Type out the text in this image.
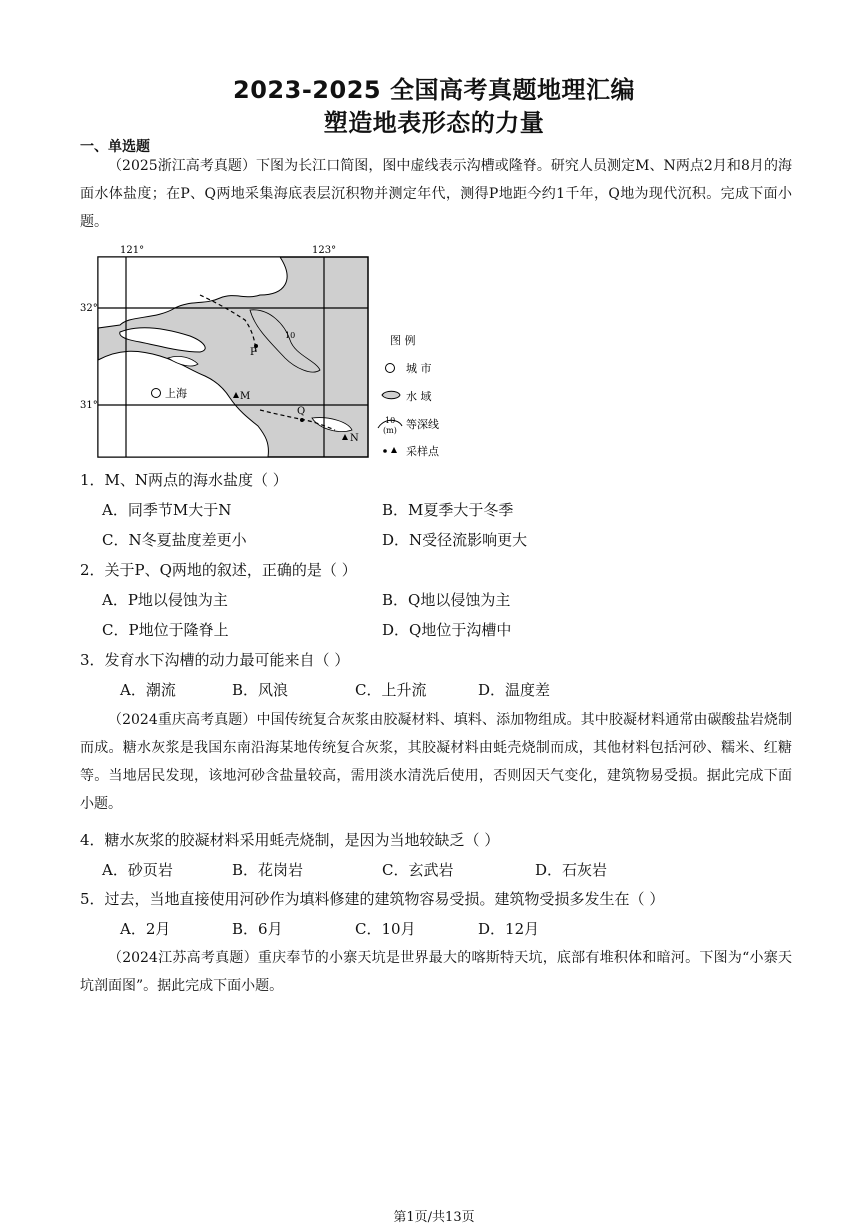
2023-2025 全国高考真题地理汇编
塑造地表形态的力量
一、单选题
（2025浙江高考真题）下图为长江口简图，图中虚线表示沟槽或隆脊。研究人员测定M、N两点2月和8月的海面水体盐度；在P、Q两地采集海底表层沉积物并测定年代，测得P地距今约1千年，Q地为现代沉积。完成下面小题。
10
上海
P
M
Q
N
121°	123°
32°
31°
图 例
城 市
水 域
10
(m) 等深线
采样点
1．M、N两点的海水盐度（ ）
A．同季节M大于N	B．M夏季大于冬季
C．N冬夏盐度差更小	D．N受径流影响更大
2．关于P、Q两地的叙述，正确的是（ ）
A．P地以侵蚀为主	B．Q地以侵蚀为主
C．P地位于隆脊上	D．Q地位于沟槽中
3．发育水下沟槽的动力最可能来自（ ）
A．潮流	B．风浪	C．上升流	D．温度差
（2024重庆高考真题）中国传统复合灰浆由胶凝材料、填料、添加物组成。其中胶凝材料通常由碳酸盐岩烧制而成。糖水灰浆是我国东南沿海某地传统复合灰浆，其胶凝材料由蚝壳烧制而成，其他材料包括河砂、糯米、红糖等。当地居民发现，该地河砂含盐量较高，需用淡水清洗后使用，否则因天气变化，建筑物易受损。据此完成下面小题。
4．糖水灰浆的胶凝材料采用蚝壳烧制，是因为当地较缺乏（ ）
A．砂页岩	B．花岗岩	C．玄武岩	D．石灰岩
5．过去，当地直接使用河砂作为填料修建的建筑物容易受损。建筑物受损多发生在（ ）
A．2月	B．6月	C．10月	D．12月
（2024江苏高考真题）重庆奉节的小寨天坑是世界最大的喀斯特天坑，底部有堆积体和暗河。下图为“小寨天坑剖面图”。据此完成下面小题。
第1页/共13页
